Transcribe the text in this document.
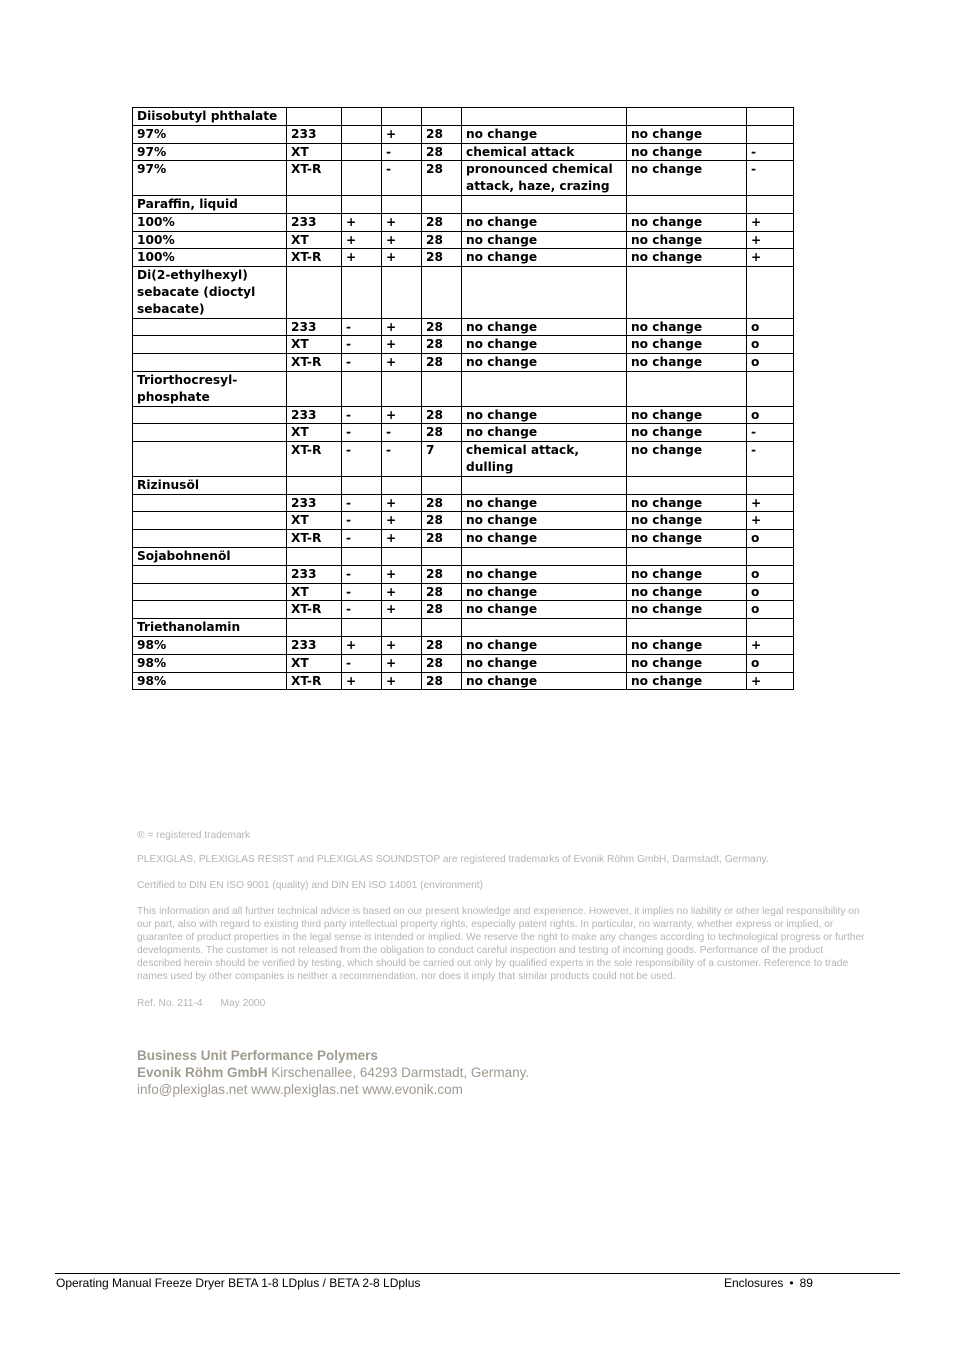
Diisobutyl phthalate							
97%	233		+	28	no change	no change	
97%	XT		-	28	chemical attack	no change	-
97%	XT-R		-	28	pronounced chemical attack, haze, crazing	no change	-
Paraffin, liquid							
100%	233	+	+	28	no change	no change	+
100%	XT	+	+	28	no change	no change	+
100%	XT-R	+	+	28	no change	no change	+
Di(2-ethylhexyl) sebacate (dioctyl sebacate)							
	233	-	+	28	no change	no change	o
	XT	-	+	28	no change	no change	o
	XT-R	-	+	28	no change	no change	o
Triorthocresyl-phosphate							
	233	-	+	28	no change	no change	o
	XT	-	-	28	no change	no change	-
	XT-R	-	-	7	chemical attack, dulling	no change	-
Rizinusöl							
	233	-	+	28	no change	no change	+
	XT	-	+	28	no change	no change	+
	XT-R	-	+	28	no change	no change	o
Sojabohnenöl							
	233	-	+	28	no change	no change	o
	XT	-	+	28	no change	no change	o
	XT-R	-	+	28	no change	no change	o
Triethanolamin							
98%	233	+	+	28	no change	no change	+
98%	XT	-	+	28	no change	no change	o
98%	XT-R	+	+	28	no change	no change	+

® = registered trademark

PLEXIGLAS, PLEXIGLAS RESIST and PLEXIGLAS SOUNDSTOP are registered trademarks of Evonik Röhm GmbH, Darmstadt, Germany.

Certified to DIN EN ISO 9001 (quality) and DIN EN ISO 14001 (environment)

This information and all further technical advice is based on our present knowledge and experience. However, it implies no liability or other legal responsibility on our part, also with regard to existing third party intellectual property rights, especially patent rights. In particular, no warranty, whether express or implied, or guarantee of product properties in the legal sense is intended or implied. We reserve the right to make any changes according to technological progress or further developments. The customer is not released from the obligation to conduct careful inspection and testing of incoming goods. Performance of the product described herein should be verified by testing, which should be carried out only by qualified experts in the sole responsibility of a customer. Reference to trade names used by other companies is neither a recommendation, nor does it imply that similar products could not be used.

Ref. No. 211-4 May 2000

Business Unit Performance Polymers
Evonik Röhm GmbH Kirschenallee, 64293 Darmstadt, Germany.
info@plexiglas.net www.plexiglas.net www.evonik.com
Operating Manual Freeze Dryer BETA 1-8 LDplus / BETA 2-8 LDplus	Enclosures • 89
